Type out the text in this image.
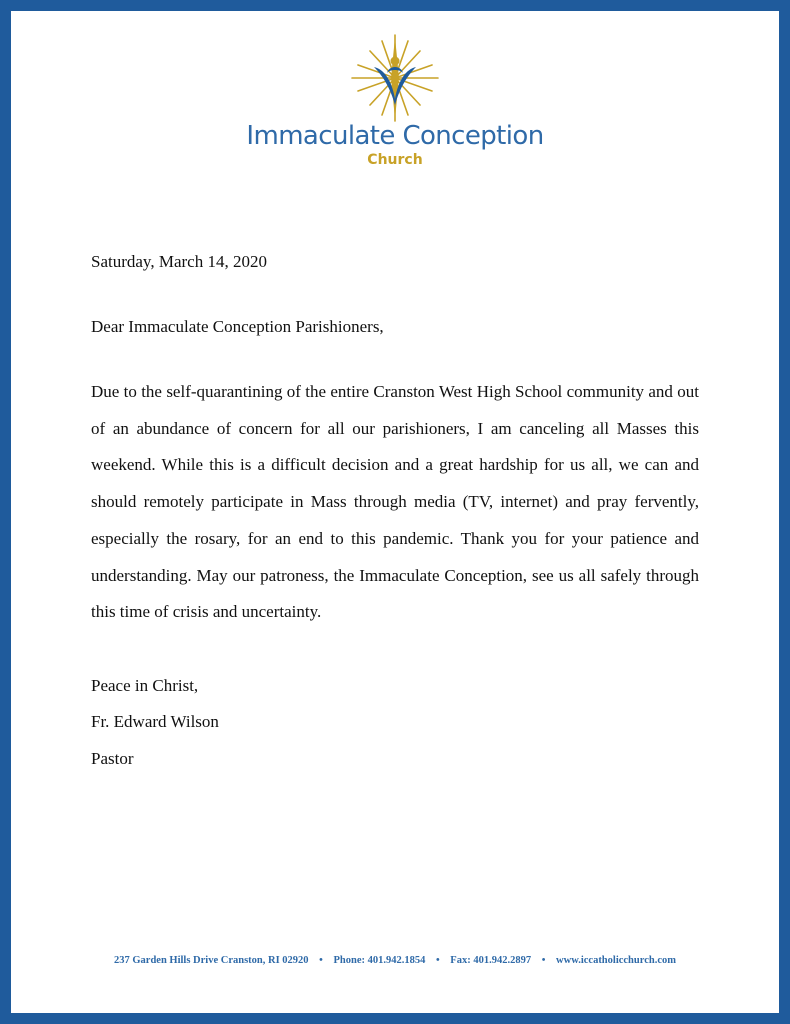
Immaculate Conception
Church
Saturday, March 14, 2020
Dear Immaculate Conception Parishioners,
Due to the self-quarantining of the entire Cranston West High School community and out of an abundance of concern for all our parishioners, I am canceling all Masses this weekend. While this is a difficult decision and a great hardship for us all, we can and should remotely participate in Mass through media (TV, internet) and pray fervently, especially the rosary, for an end to this pandemic. Thank you for your patience and understanding. May our patroness, the Immaculate Conception, see us all safely through this time of crisis and uncertainty.
Peace in Christ,
Fr. Edward Wilson
Pastor
237 Garden Hills Drive Cranston, RI 02920 • Phone: 401.942.1854 • Fax: 401.942.2897 • www.iccatholicchurch.com
